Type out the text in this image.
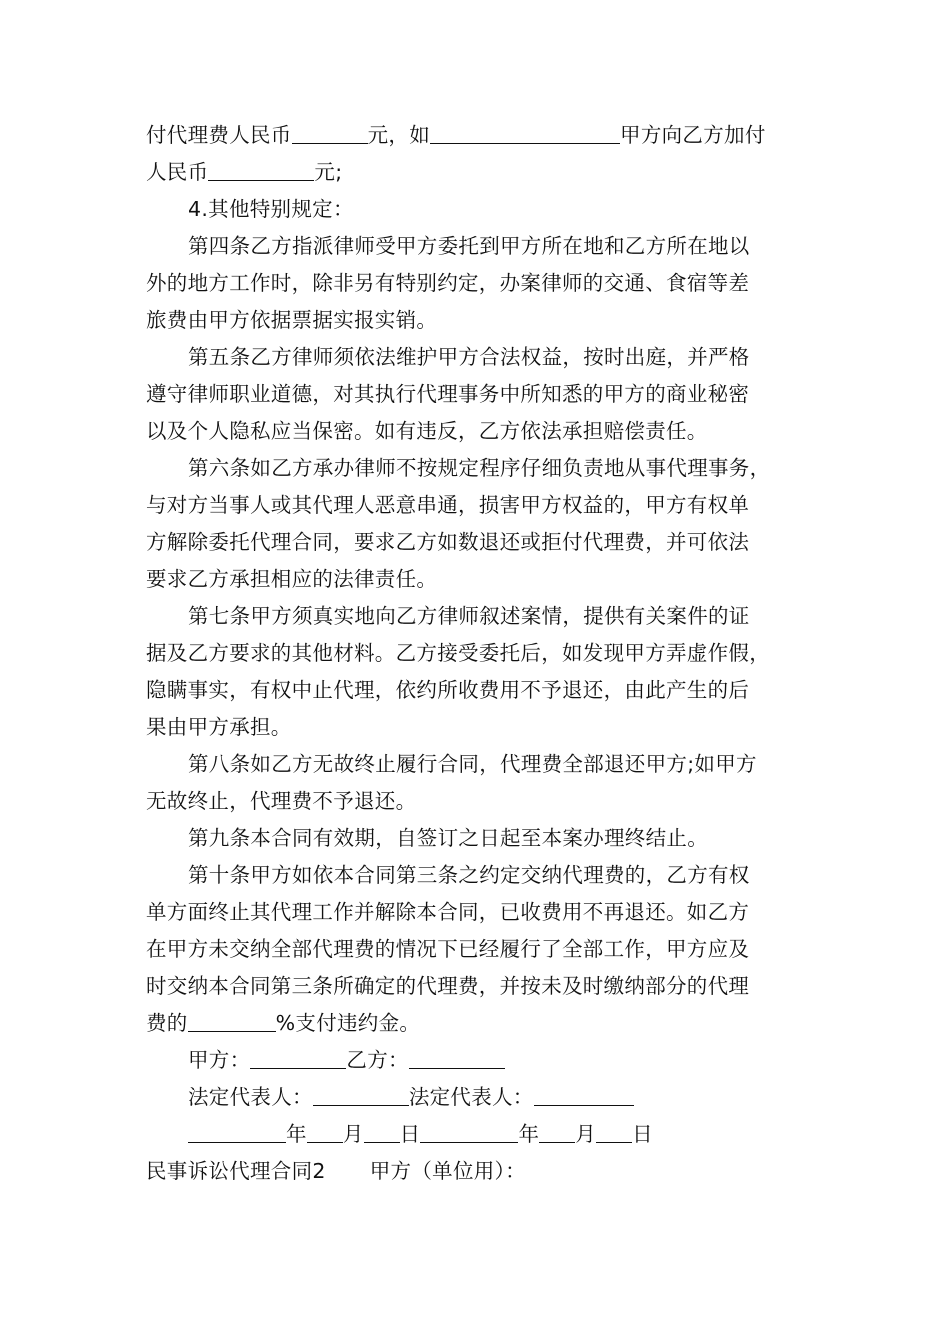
付代理费人民币	元，如	甲方向乙方加付
人民币	元;
4.其他特别规定：
第四条乙方指派律师受甲方委托到甲方所在地和乙方所在地以
外的地方工作时，除非另有特别约定，办案律师的交通、食宿等差
旅费由甲方依据票据实报实销。
第五条乙方律师须依法维护甲方合法权益，按时出庭，并严格
遵守律师职业道德，对其执行代理事务中所知悉的甲方的商业秘密
以及个人隐私应当保密。如有违反，乙方依法承担赔偿责任。
第六条如乙方承办律师不按规定程序仔细负责地从事代理事务，
与对方当事人或其代理人恶意串通，损害甲方权益的，甲方有权单
方解除委托代理合同，要求乙方如数退还或拒付代理费，并可依法
要求乙方承担相应的法律责任。
第七条甲方须真实地向乙方律师叙述案情，提供有关案件的证
据及乙方要求的其他材料。乙方接受委托后，如发现甲方弄虚作假，
隐瞒事实，有权中止代理，依约所收费用不予退还，由此产生的后
果由甲方承担。
第八条如乙方无故终止履行合同，代理费全部退还甲方;如甲方
无故终止，代理费不予退还。
第九条本合同有效期，自签订之日起至本案办理终结止。
第十条甲方如依本合同第三条之约定交纳代理费的，乙方有权
单方面终止其代理工作并解除本合同，已收费用不再退还。如乙方
在甲方未交纳全部代理费的情况下已经履行了全部工作，甲方应及
时交纳本合同第三条所确定的代理费，并按未及时缴纳部分的代理
费的	%支付违约金。
甲方：	乙方：
法定代表人：	法定代表人：
年 月 日	年 月 日
民事诉讼代理合同2 甲方（单位用）：
